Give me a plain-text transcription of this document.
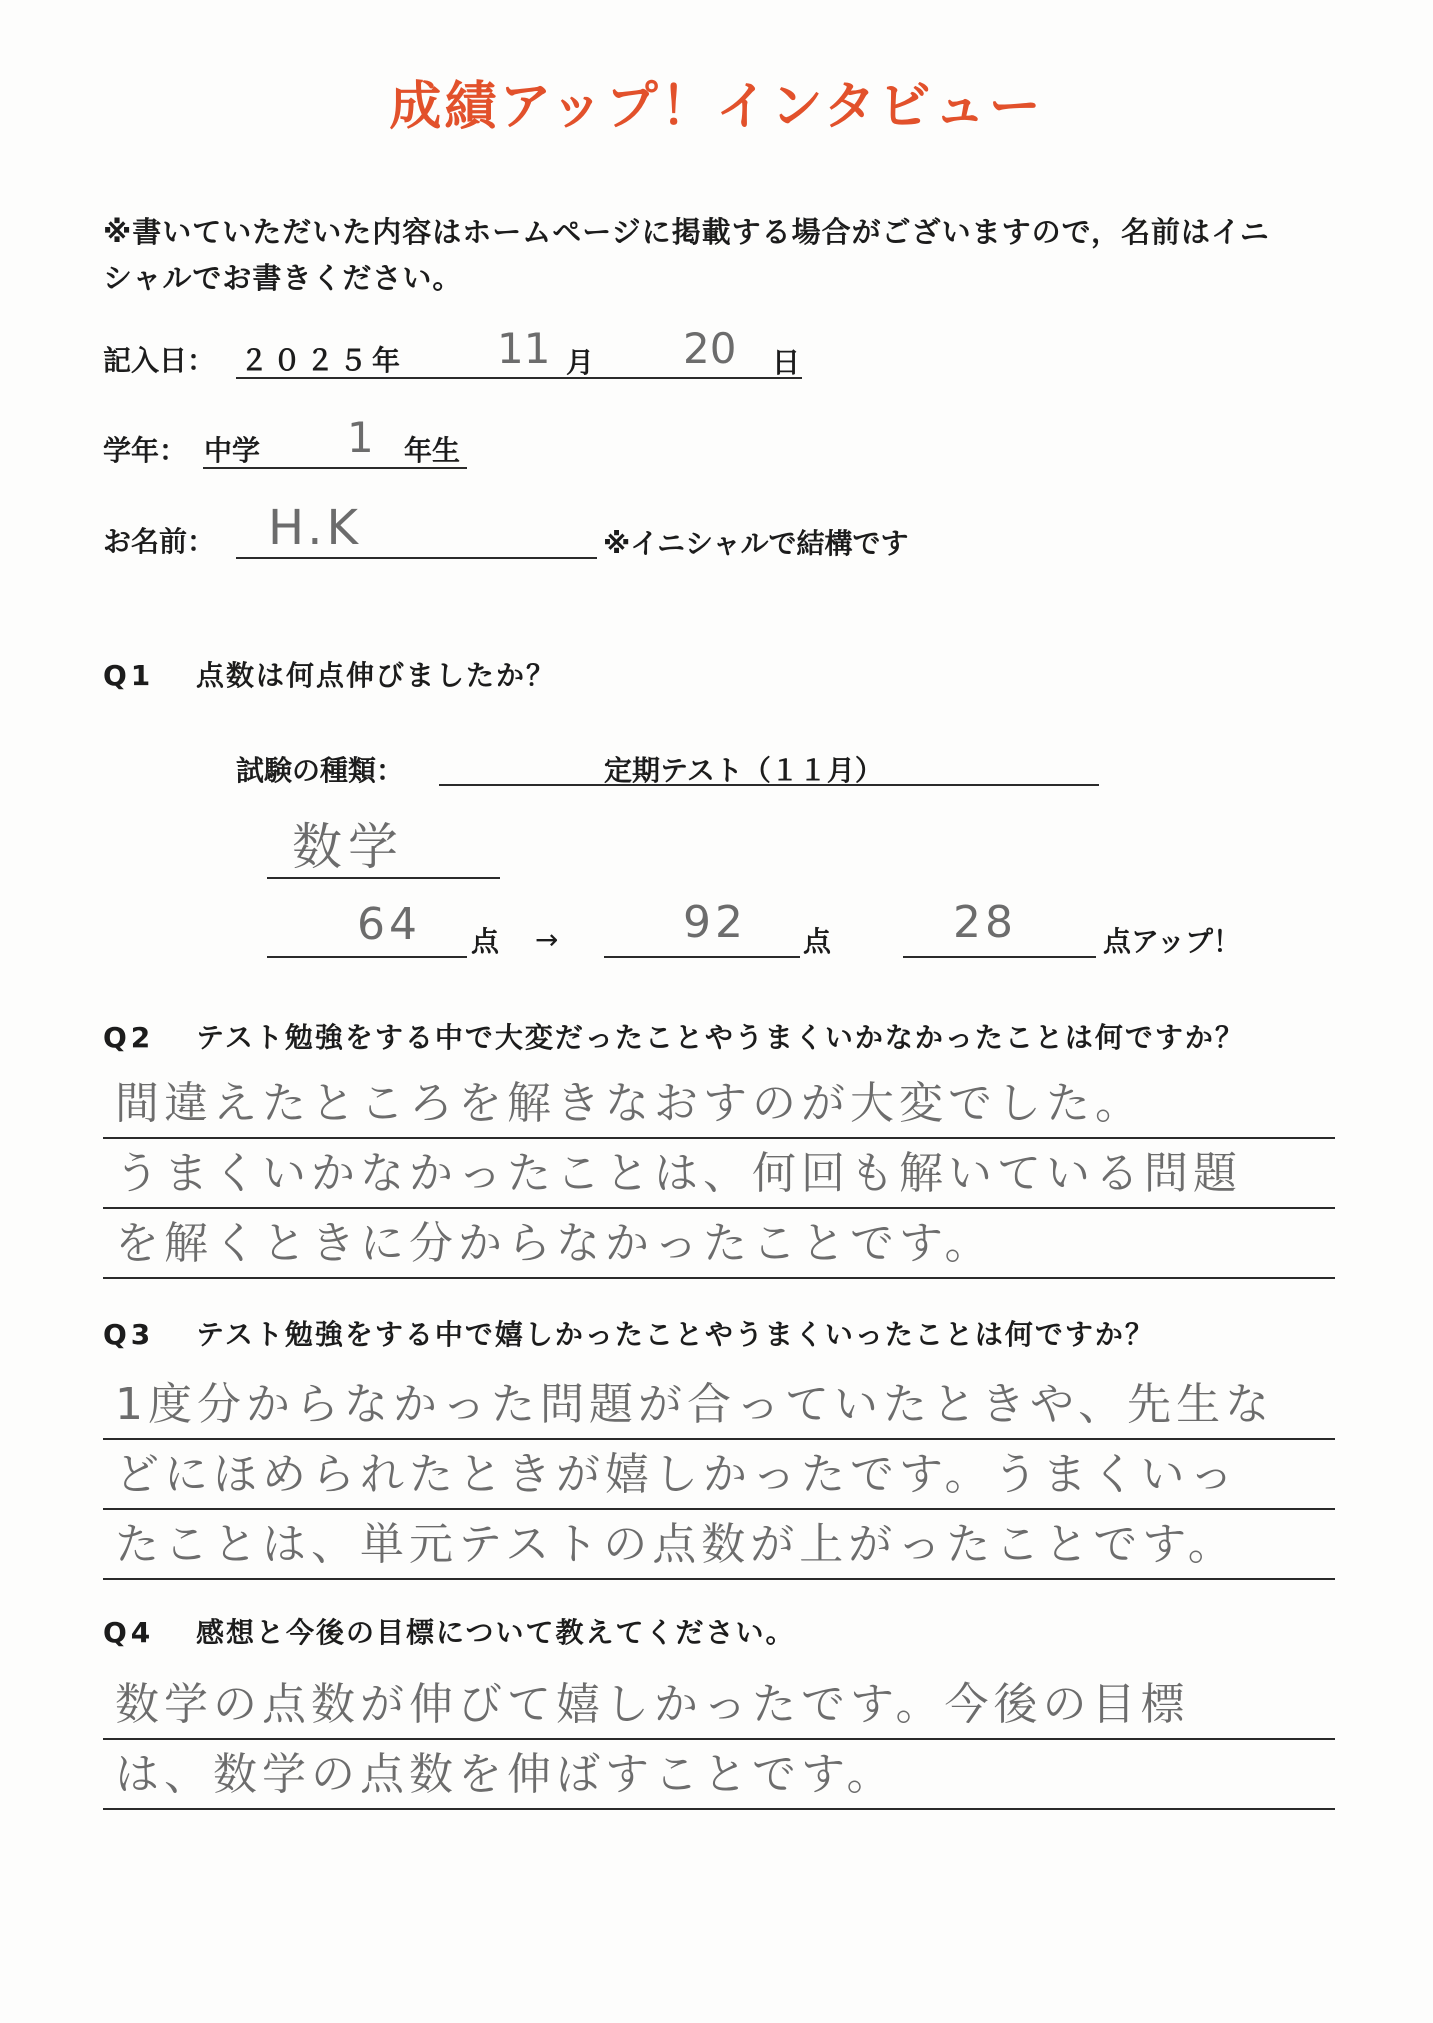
成績アップ！インタビュー
※書いていただいた内容はホームページに掲載する場合がございますので，名前はイニ
シャルでお書きください。
記入日： ２０２５年 11 月 20 日
学年： 中学 1 年生
お名前： H.K	※イニシャルで結構です
Q1 点数は何点伸びましたか？
試験の種類：	定期テスト（１１月）
数学
64 点 →	92 点	28	点アップ！
Q2 テスト勉強をする中で大変だったことやうまくいかなかったことは何ですか？
間違えたところを解きなおすのが大変でした。
うまくいかなかったことは、何回も解いている問題
を解くときに分からなかったことです。
Q3 テスト勉強をする中で嬉しかったことやうまくいったことは何ですか？
1度分からなかった問題が合っていたときや、先生な
どにほめられたときが嬉しかったです。うまくいっ
たことは、単元テストの点数が上がったことです。
Q4 感想と今後の目標について教えてください。
数学の点数が伸びて嬉しかったです。今後の目標
は、数学の点数を伸ばすことです。
